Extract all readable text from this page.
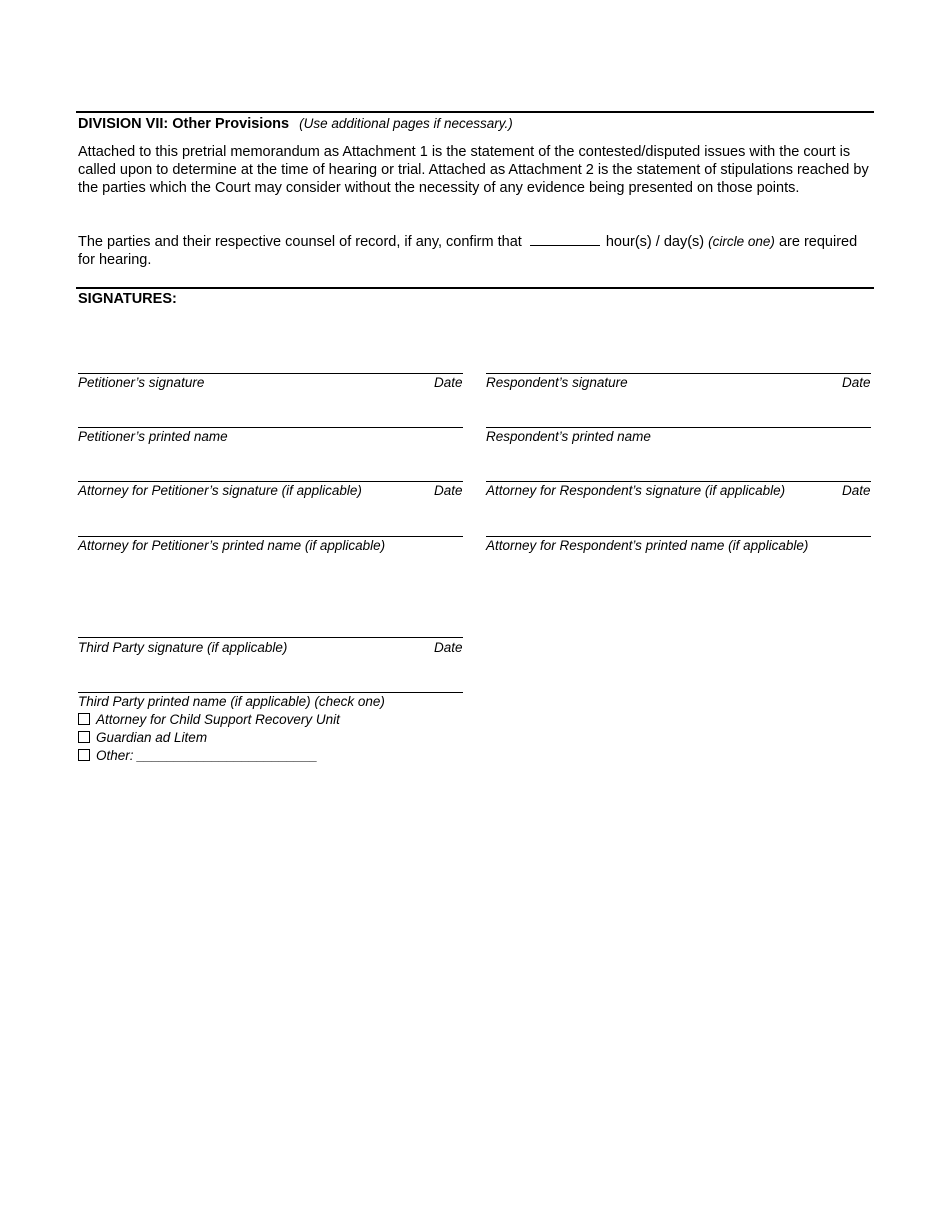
DIVISION VII: Other Provisions (Use additional pages if necessary.)
Attached to this pretrial memorandum as Attachment 1 is the statement of the contested/disputed issues with the court is called upon to determine at the time of hearing or trial. Attached as Attachment 2 is the statement of stipulations reached by the parties which the Court may consider without the necessity of any evidence being presented on those points.
The parties and their respective counsel of record, if any, confirm that	hour(s) / day(s) (circle one) are required for hearing.
SIGNATURES:
Petitioner’s signature	Date Respondent’s signature	Date
Petitioner’s printed name	Respondent’s printed name
Attorney for Petitioner’s signature (if applicable)	Date Attorney for Respondent’s signature (if applicable)	Date
Attorney for Petitioner’s printed name (if applicable)	Attorney for Respondent’s printed name (if applicable)
Third Party signature (if applicable)	Date
Third Party printed name (if applicable) (check one)
Attorney for Child Support Recovery Unit
Guardian ad Litem
Other: ________________________
